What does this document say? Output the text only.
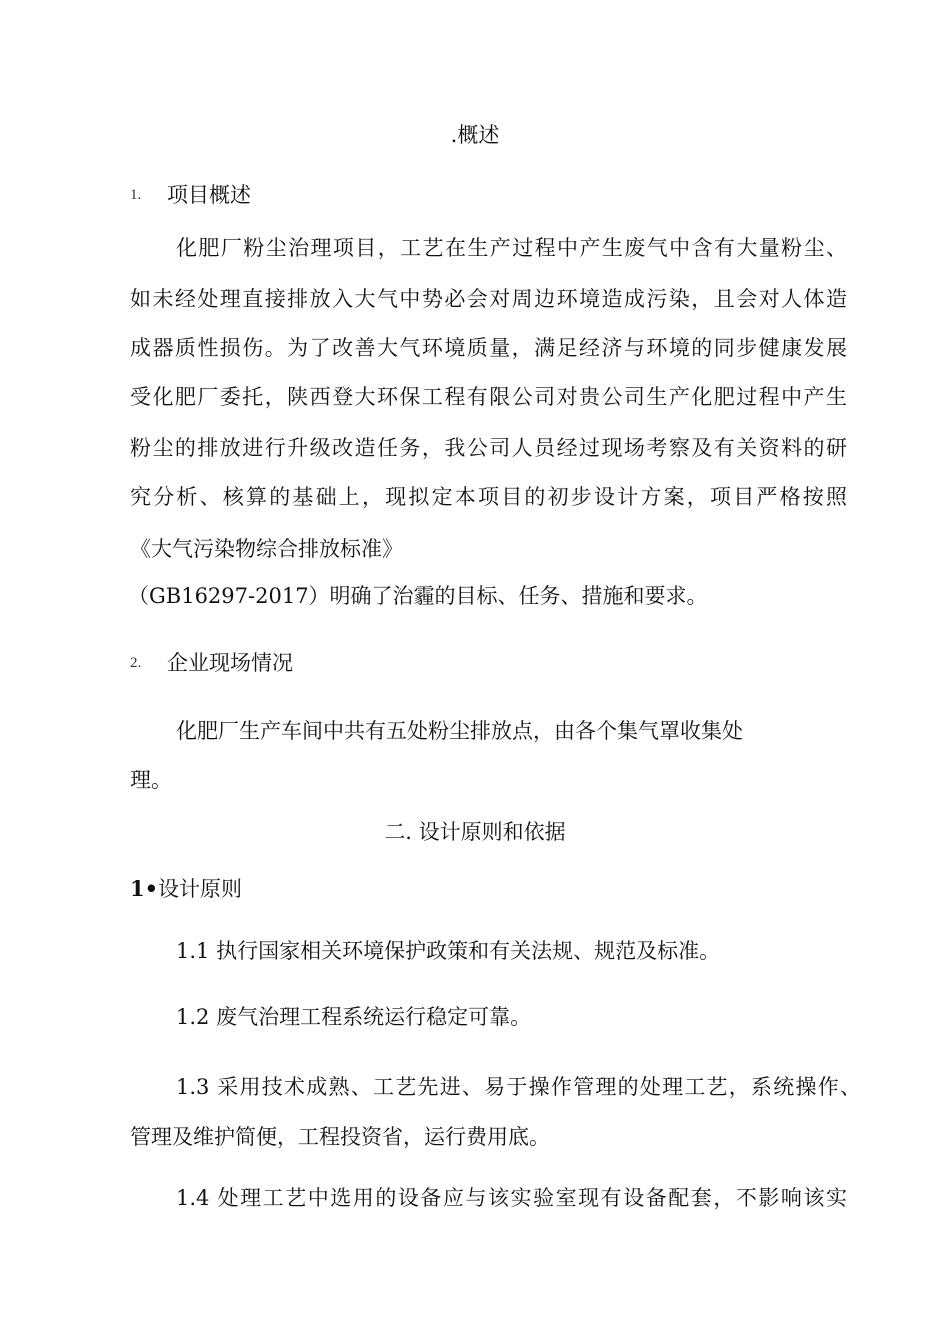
.概述
1. 项目概述
化肥厂粉尘治理项目，工艺在生产过程中产生废气中含有大量粉尘、
如未经处理直接排放入大气中势必会对周边环境造成污染，且会对人体造
成器质性损伤。为了改善大气环境质量，满足经济与环境的同步健康发展
受化肥厂委托，陕西登大环保工程有限公司对贵公司生产化肥过程中产生
粉尘的排放进行升级改造任务，我公司人员经过现场考察及有关资料的研
究分析、核算的基础上，现拟定本项目的初步设计方案，项目严格按照
《大气污染物综合排放标准》
（GB16297-2017）明确了治霾的目标、任务、措施和要求。
2. 企业现场情况
化肥厂生产车间中共有五处粉尘排放点，由各个集气罩收集处
理。
二. 设计原则和依据
1•设计原则
1.1 执行国家相关环境保护政策和有关法规、规范及标准。
1.2 废气治理工程系统运行稳定可靠。
1.3 采用技术成熟、工艺先进、易于操作管理的处理工艺，系统操作、
管理及维护简便，工程投资省，运行费用底。
1.4 处理工艺中选用的设备应与该实验室现有设备配套，不影响该实
